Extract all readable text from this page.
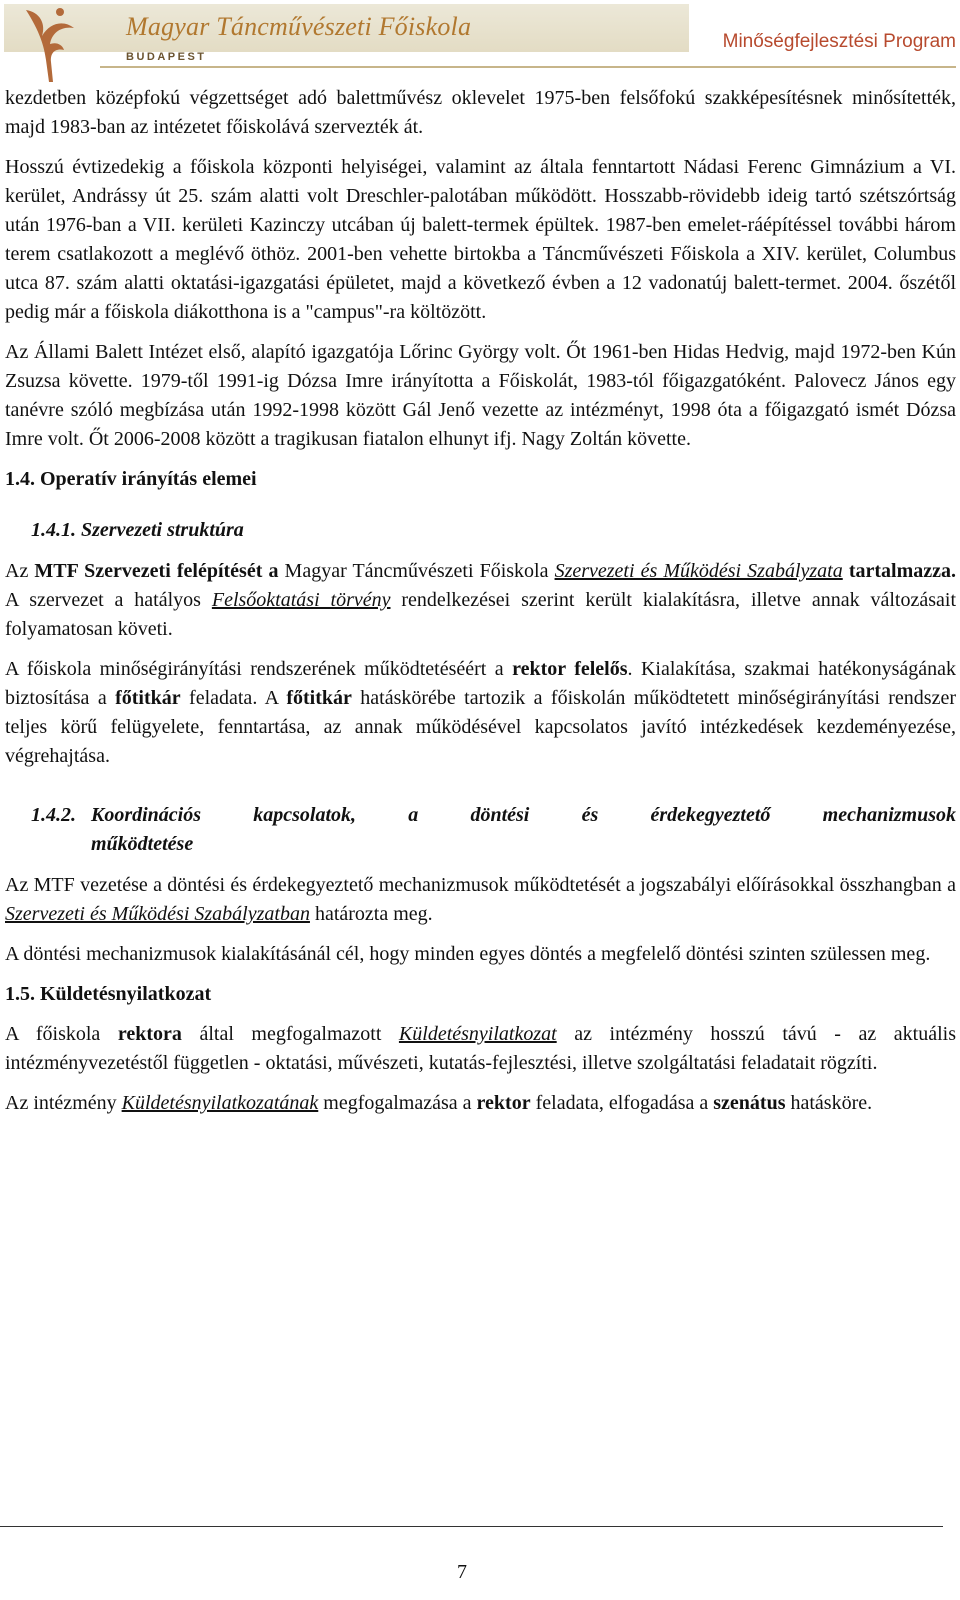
Magyar Táncművészeti Főiskola
BUDAPEST
Minőségfejlesztési Program

kezdetben középfokú végzettséget adó balettművész oklevelet 1975-ben felsőfokú szakképesítésnek minősítették, majd 1983-ban az intézetet főiskolává szervezték át.

Hosszú évtizedekig a főiskola központi helyiségei, valamint az általa fenntartott Nádasi Ferenc Gimnázium a VI. kerület, Andrássy út 25. szám alatti volt Dreschler-palotában működött. Hosszabb-rövidebb ideig tartó szétszórtság után 1976-ban a VII. kerületi Kazinczy utcában új balett-termek épültek. 1987-ben emelet-ráépítéssel további három terem csatlakozott a meglévő öthöz. 2001-ben vehette birtokba a Táncművészeti Főiskola a XIV. kerület, Columbus utca 87. szám alatti oktatási-igazgatási épületet, majd a következő évben a 12 vadonatúj balett-termet. 2004. őszétől pedig már a főiskola diákotthona is a "campus"-ra költözött.

Az Állami Balett Intézet első, alapító igazgatója Lőrinc György volt. Őt 1961-ben Hidas Hedvig, majd 1972-ben Kún Zsuzsa követte. 1979-től 1991-ig Dózsa Imre irányította a Főiskolát, 1983-tól főigazgatóként. Palovecz János egy tanévre szóló megbízása után 1992-1998 között Gál Jenő vezette az intézményt, 1998 óta a főigazgató ismét Dózsa Imre volt. Őt 2006-2008 között a tragikusan fiatalon elhunyt ifj. Nagy Zoltán követte.

1.4. Operatív irányítás elemei
1.4.1. Szervezeti struktúra

Az MTF Szervezeti felépítését a Magyar Táncművészeti Főiskola Szervezeti és Működési Szabályzata tartalmazza. A szervezet a hatályos Felsőoktatási törvény rendelkezései szerint került kialakításra, illetve annak változásait folyamatosan követi.

A főiskola minőségirányítási rendszerének működtetéséért a rektor felelős. Kialakítása, szakmai hatékonyságának biztosítása a főtitkár feladata. A főtitkár hatáskörébe tartozik a főiskolán működtetett minőségirányítási rendszer teljes körű felügyelete, fenntartása, az annak működésével kapcsolatos javító intézkedések kezdeményezése, végrehajtása.

1.4.2. Koordinációs kapcsolatok, a döntési és érdekegyeztető mechanizmusok
működtetése

Az MTF vezetése a döntési és érdekegyeztető mechanizmusok működtetését a jogszabályi előírásokkal összhangban a Szervezeti és Működési Szabályzatban határozta meg.

A döntési mechanizmusok kialakításánál cél, hogy minden egyes döntés a megfelelő döntési szinten szülessen meg.

1.5. Küldetésnyilatkozat

A főiskola rektora által megfogalmazott Küldetésnyilatkozat az intézmény hosszú távú - az aktuális intézményvezetéstől független - oktatási, művészeti, kutatás-fejlesztési, illetve szolgáltatási feladatait rögzíti.

Az intézmény Küldetésnyilatkozatának megfogalmazása a rektor feladata, elfogadása a szenátus hatásköre.

7
